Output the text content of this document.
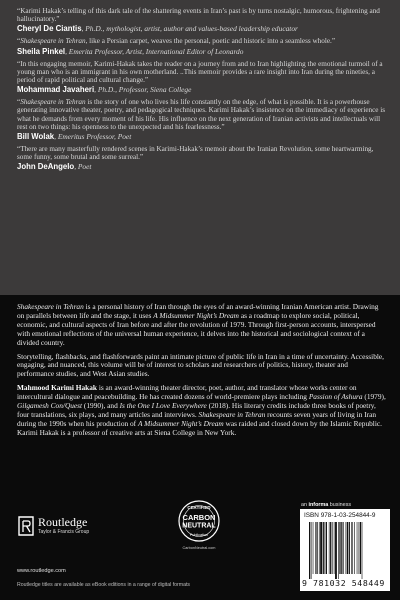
“Karimi Hakak’s telling of this dark tale of the shattering events in Iran’s past is by turns nostalgic, humorous, frightening and hallucinatory.”
Cheryl De Ciantis, Ph.D., mythologist, artist, author and values-based leadership educator
“Shakespeare in Tehran, like a Persian carpet, weaves the personal, poetic and historic into a seamless whole.”
Sheila Pinkel, Emerita Professor, Artist, International Editor of Leonardo
“In this engaging memoir, Karimi-Hakak takes the reader on a journey from and to Iran highlighting the emotional turmoil of a young man who is an immigrant in his own motherland. ..This memoir provides a rare insight into Iran during the nineties, a period of rapid political and cultural change.”
Mohammad Javaheri, Ph.D., Professor, Siena College
“Shakespeare in Tehran is the story of one who lives his life constantly on the edge, of what is possible. It is a powerhouse generating innovative theater, poetry, and pedagogical techniques. Karimi Hakak’s insistence on the immediacy of experience is what he demands from every moment of his life. His influence on the next generation of Iranian activists and intellectuals will rest on two things: his openness to the unexpected and his fearlessness.”
Bill Wolak, Emeritus Professor, Poet
“There are many masterfully rendered scenes in Karimi-Hakak’s memoir about the Iranian Revolution, some heartwarming, some funny, some brutal and some surreal.”
John DeAngelo, Poet

Shakespeare in Tehran is a personal history of Iran through the eyes of an award-winning Iranian American artist. Drawing on parallels between life and the stage, it uses A Midsummer Night’s Dream as a roadmap to explore social, political, economic, and cultural aspects of Iran before and after the revolution of 1979. Through first-person accounts, interspersed with emotional reflections of the universal human experience, it delves into the historical and sociological context of a divided country.

Storytelling, flashbacks, and flashforwards paint an intimate picture of public life in Iran in a time of uncertainty. Accessible, engaging, and nuanced, this volume will be of interest to scholars and researchers of politics, history, theater and performance studies, and West Asian studies.

Mahmood Karimi Hakak is an award-winning theater director, poet, author, and translator whose works center on intercultural dialogue and peacebuilding. He has created dozens of world-premiere plays including Passion of Ashura (1979), Gilgamesh Con/Quest (1990), and Is the One I Love Everywhere (2018). His literary credits include three books of poetry, four translations, six plays, and many articles and interviews. Shakespeare in Tehran recounts seven years of living in Iran during the 1990s when his production of A Midsummer Night’s Dream was raided and closed down by the Islamic Republic. Karimi Hakak is a professor of creative arts at Siena College in New York.

Routledge
Taylor & Francis Group
www.routledge.com
Routledge titles are available as eBook editions in a range of digital formats
CERTIFIED
CARBON
NEUTRAL
Publication
CarbonNeutral.com
an informa business
ISBN 978-1-03-254844-9
9 781032 548449
